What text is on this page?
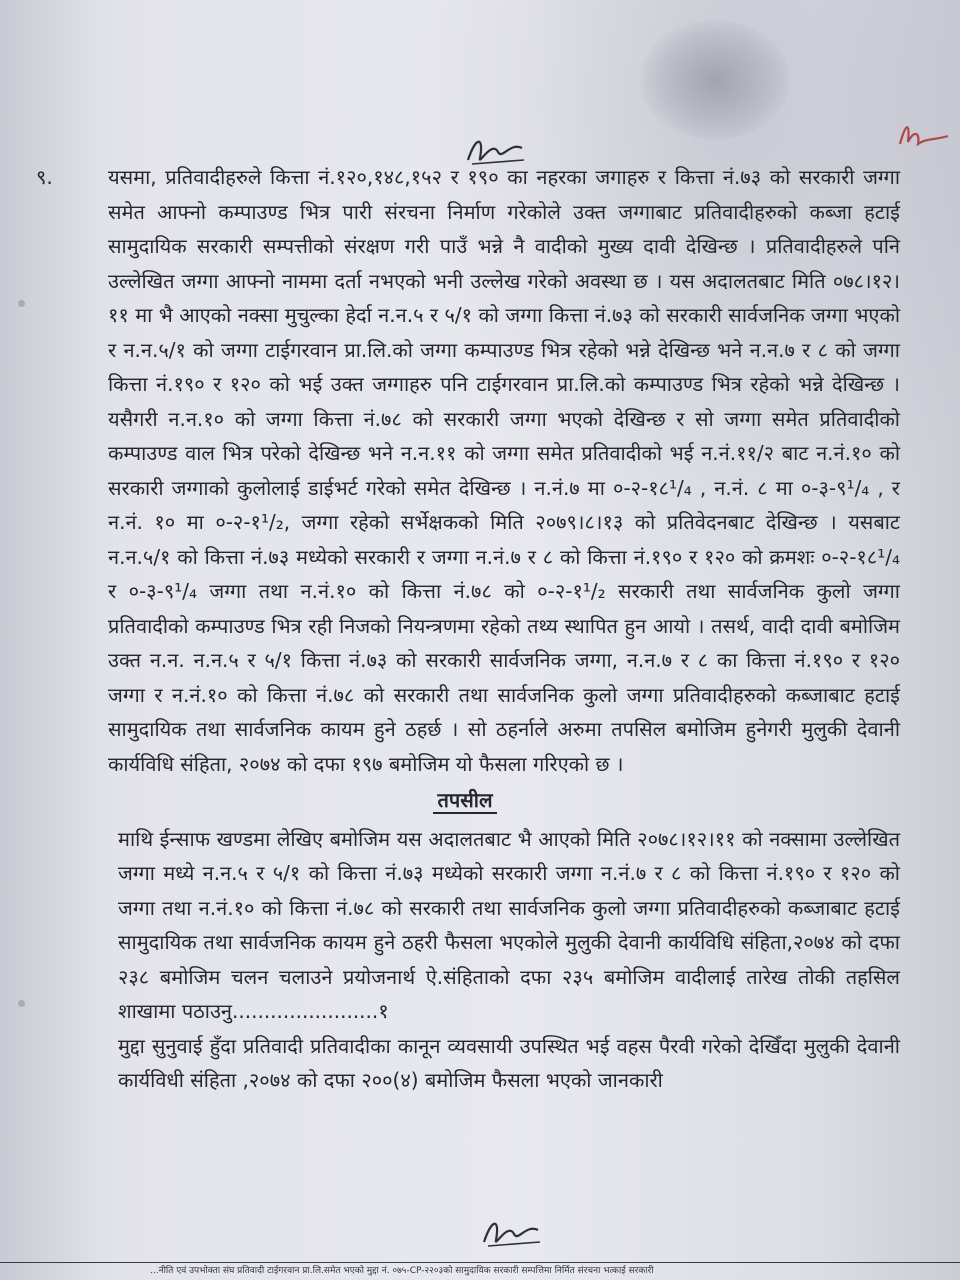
९.	यसमा, प्रतिवादीहरुले कित्ता नं.१२०,१४८,१५२ र १९० का नहरका जगाहरु र कित्ता नं.७३ को सरकारी जग्गा समेत आफ्नो कम्पाउण्ड भित्र पारी संरचना निर्माण गरेकोले उक्त जग्गाबाट प्रतिवादीहरुको कब्जा हटाई सामुदायिक सरकारी सम्पत्तीको संरक्षण गरी पाउँ भन्ने नै वादीको मुख्य दावी देखिन्छ । प्रतिवादीहरुले पनि उल्लेखित जग्गा आफ्नो नाममा दर्ता नभएको भनी उल्लेख गरेको अवस्था छ । यस अदालतबाट मिति ०७८।१२।११ मा भै आएको नक्सा मुचुल्का हेर्दा न.न.५ र ५/१ को जग्गा कित्ता नं.७३ को सरकारी सार्वजनिक जग्गा भएको र न.न.५/१ को जग्गा टाईगरवान प्रा.लि.को जग्गा कम्पाउण्ड भित्र रहेको भन्ने देखिन्छ भने न.न.७ र ८ को जग्गा कित्ता नं.१९० र १२० को भई उक्त जग्गाहरु पनि टाईगरवान प्रा.लि.को कम्पाउण्ड भित्र रहेको भन्ने देखिन्छ । यसैगरी न.न.१० को जग्गा कित्ता नं.७८ को सरकारी जग्गा भएको देखिन्छ र सो जग्गा समेत प्रतिवादीको कम्पाउण्ड वाल भित्र परेको देखिन्छ भने न.न.११ को जग्गा समेत प्रतिवादीको भई न.नं.११/२ बाट न.नं.१० को सरकारी जग्गाको कुलोलाई डाईभर्ट गरेको समेत देखिन्छ । न.नं.७ मा ०-२-१८¹/₄ , न.नं. ८ मा ०-३-९¹/₄ , र न.नं. १० मा ०-२-१¹/₂, जग्गा रहेको सर्भेक्षकको मिति २०७९।८।१३ को प्रतिवेदनबाट देखिन्छ । यसबाट न.न.५/१ को कित्ता नं.७३ मध्येको सरकारी र जग्गा न.नं.७ र ८ को कित्ता नं.१९० र १२० को क्रमशः ०-२-१८¹/₄ र ०-३-९¹/₄ जग्गा तथा न.नं.१० को कित्ता नं.७८ को ०-२-१¹/₂ सरकारी तथा सार्वजनिक कुलो जग्गा प्रतिवादीको कम्पाउण्ड भित्र रही निजको नियन्त्रणमा रहेको तथ्य स्थापित हुन आयो । तसर्थ, वादी दावी बमोजिम उक्त न.न. न.न.५ र ५/१ कित्ता नं.७३ को सरकारी सार्वजनिक जग्गा, न.न.७ र ८ का कित्ता नं.१९० र १२० जग्गा र न.नं.१० को कित्ता नं.७८ को सरकारी तथा सार्वजनिक कुलो जग्गा प्रतिवादीहरुको कब्जाबाट हटाई सामुदायिक तथा सार्वजनिक कायम हुने ठहर्छ । सो ठहर्नाले अरुमा तपसिल बमोजिम हुनेगरी मुलुकी देवानी कार्यविधि संहिता, २०७४ को दफा १९७ बमोजिम यो फैसला गरिएको छ ।
तपसील

माथि ईन्साफ खण्डमा लेखिए बमोजिम यस अदालतबाट भै आएको मिति २०७८।१२।११ को नक्सामा उल्लेखित जग्गा मध्ये न.न.५ र ५/१ को कित्ता नं.७३ मध्येको सरकारी जग्गा न.नं.७ र ८ को कित्ता नं.१९० र १२० को जग्गा तथा न.नं.१० को कित्ता नं.७८ को सरकारी तथा सार्वजनिक कुलो जग्गा प्रतिवादीहरुको कब्जाबाट हटाई सामुदायिक तथा सार्वजनिक कायम हुने ठहरी फैसला भएकोले मुलुकी देवानी कार्यविधि संहिता,२०७४ को दफा २३८ बमोजिम चलन चलाउने प्रयोजनार्थ ऐ.संहिताको दफा २३५ बमोजिम वादीलाई तारेख तोकी तहसिल शाखामा पठाउनु.......................१

मुद्दा सुनुवाई हुँदा प्रतिवादी प्रतिवादीका कानून व्यवसायी उपस्थित भई वहस पैरवी गरेको देखिँदा मुलुकी देवानी कार्यविधी संहिता ,२०७४ को दफा २००(४) बमोजिम फैसला भएको जानकारी

...नीति एवं उपभोक्ता संघ प्रतिवादी टाईगरवान प्रा.लि.समेत भएको मुद्दा नं. ०७५-CP-२२०३को सामुदायिक सरकारी सम्पत्तिमा निर्मित संरचना भत्काई सरकारी
